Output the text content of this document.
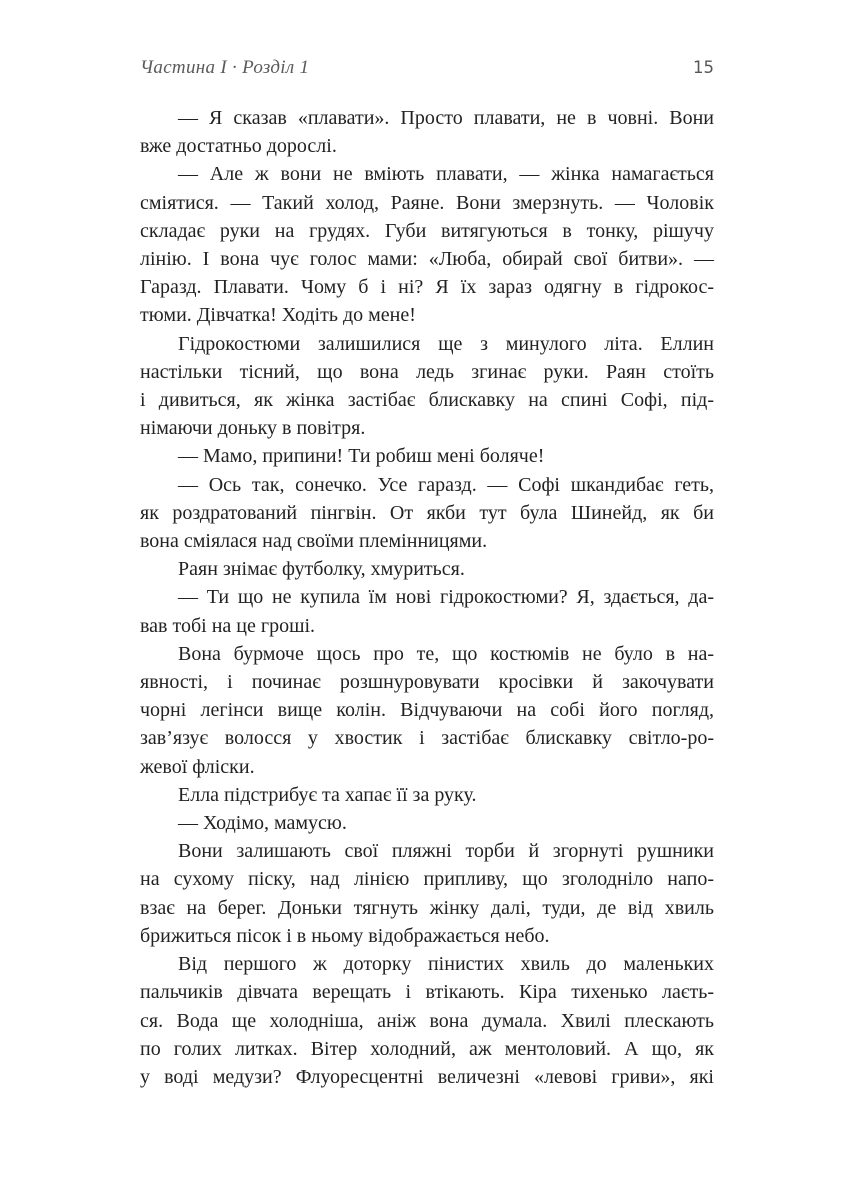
Частина І · Розділ 1	15
— Я сказав «плавати». Просто плавати, не в човні. Вони
вже достатньо дорослі.
— Але ж вони не вміють плавати, — жінка намагається
сміятися. — Такий холод, Раяне. Вони змерзнуть. — Чоловік
складає руки на грудях. Губи витягуються в тонку, рішучу
лінію. І вона чує голос мами: «Люба, обирай свої битви». —
Гаразд. Плавати. Чому б і ні? Я їх зараз одягну в гідрокос-
тюми. Дівчатка! Ходіть до мене!
Гідрокостюми залишилися ще з минулого літа. Еллин
настільки тісний, що вона ледь згинає руки. Раян стоїть
і дивиться, як жінка застібає блискавку на спині Софі, під-
німаючи доньку в повітря.
— Мамо, припини! Ти робиш мені боляче!
— Ось так, сонечко. Усе гаразд. — Софі шкандибає геть,
як роздратований пінгвін. От якби тут була Шинейд, як би
вона сміялася над своїми племінницями.
Раян знімає футболку, хмуриться.
— Ти що не купила їм нові гідрокостюми? Я, здається, да-
вав тобі на це гроші.
Вона бурмоче щось про те, що костюмів не було в на-
явності, і починає розшнуровувати кросівки й закочувати
чорні легінси вище колін. Відчуваючи на собі його погляд,
зав’язує волосся у хвостик і застібає блискавку світло-ро-
жевої фліски.
Елла підстрибує та хапає її за руку.
— Ходімо, мамусю.
Вони залишають свої пляжні торби й згорнуті рушники
на сухому піску, над лінією припливу, що зголодніло напо-
взає на берег. Доньки тягнуть жінку далі, туди, де від хвиль
брижиться пісок і в ньому відображається небо.
Від першого ж доторку пінистих хвиль до маленьких
пальчиків дівчата верещать і втікають. Кіра тихенько лаєть-
ся. Вода ще холодніша, аніж вона думала. Хвилі плескають
по голих литках. Вітер холодний, аж ментоловий. А що, як
у воді медузи? Флуоресцентні величезні «левові гриви», які
